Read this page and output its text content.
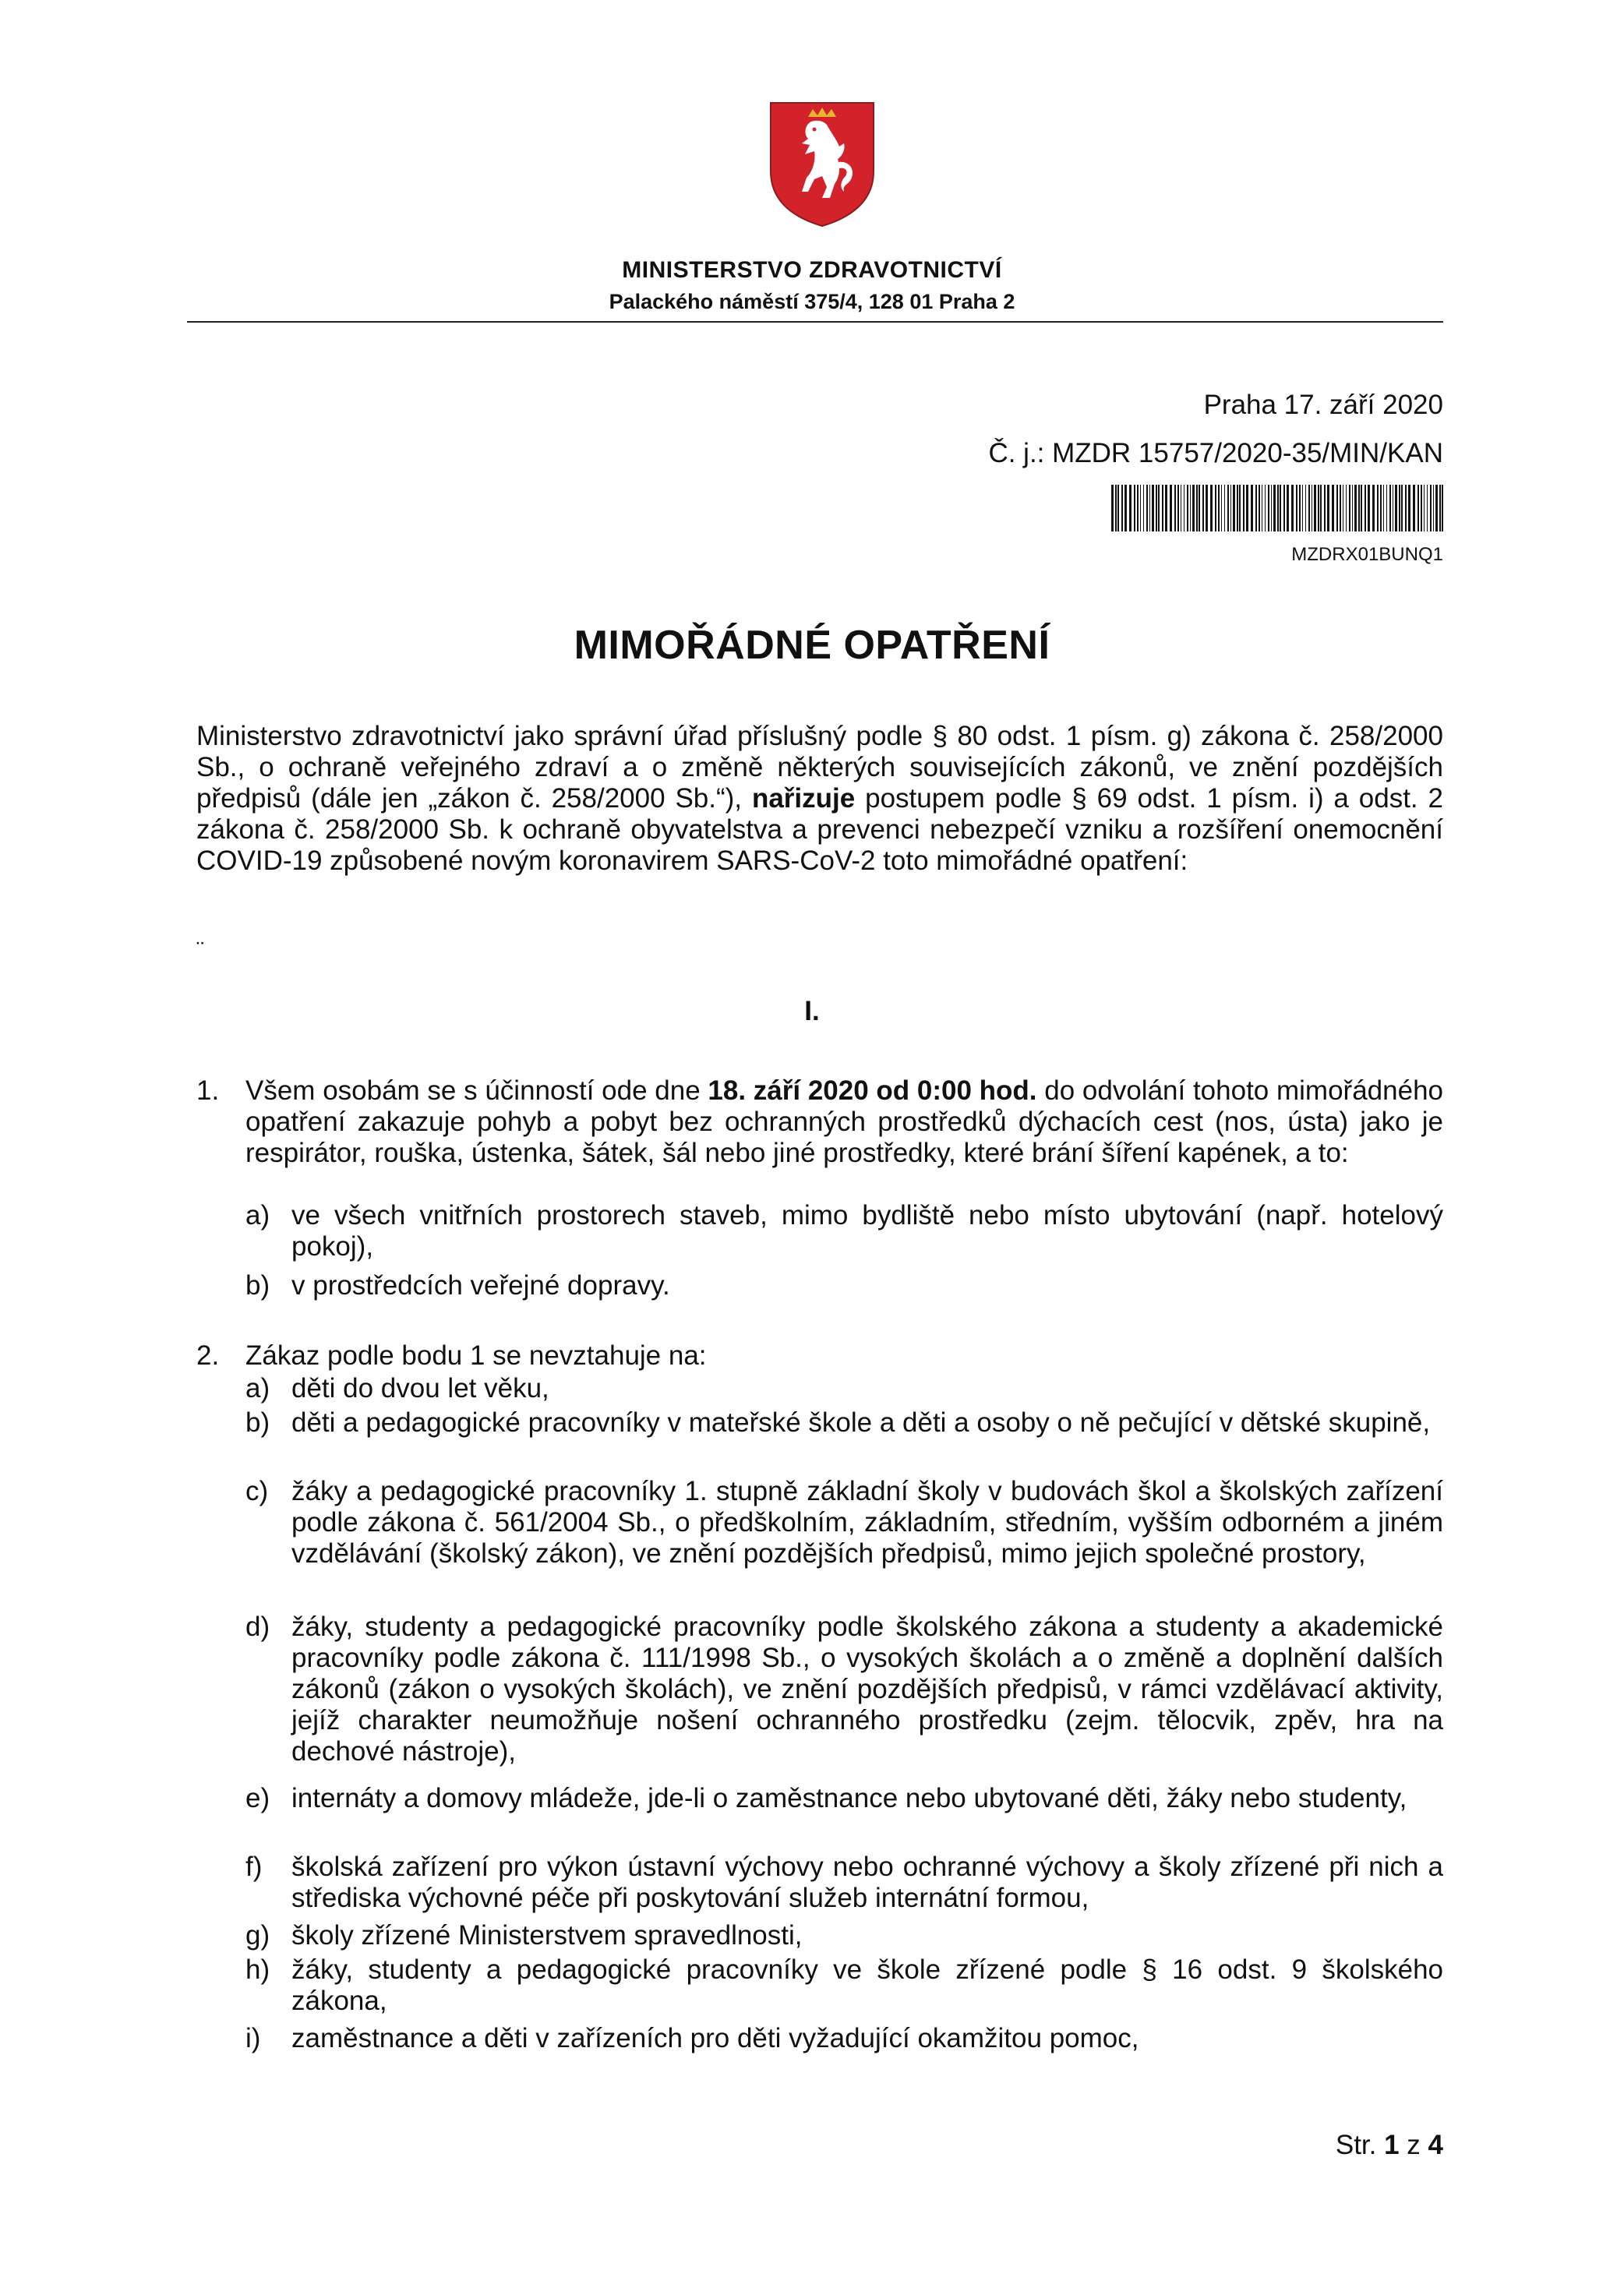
MINISTERSTVO ZDRAVOTNICTVÍ
Palackého náměstí 375/4, 128 01 Praha 2
Praha 17. září 2020
Č. j.: MZDR 15757/2020-35/MIN/KAN
MZDRX01BUNQ1
MIMOŘÁDNÉ OPATŘENÍ

Ministerstvo zdravotnictví jako správní úřad příslušný podle § 80 odst. 1 písm. g) zákona č. 258/2000 Sb., o ochraně veřejného zdraví a o změně některých souvisejících zákonů, ve znění pozdějších předpisů (dále jen „zákon č. 258/2000 Sb.“), nařizuje postupem podle § 69 odst. 1 písm. i) a odst. 2 zákona č. 258/2000 Sb. k ochraně obyvatelstva a prevenci nebezpečí vzniku a rozšíření onemocnění COVID-19 způsobené novým koronavirem SARS-CoV-2 toto mimořádné opatření:

¨
I.
1. Všem osobám se s účinností ode dne 18. září 2020 od 0:00 hod. do odvolání tohoto mimořádného opatření zakazuje pohyb a pobyt bez ochranných prostředků dýchacích cest (nos, ústa) jako je respirátor, rouška, ústenka, šátek, šál nebo jiné prostředky, které brání šíření kapének, a to:

a) ve všech vnitřních prostorech staveb, mimo bydliště nebo místo ubytování (např. hotelový pokoj),

b) v prostředcích veřejné dopravy.

2. Zákaz podle bodu 1 se nevztahuje na:

a) děti do dvou let věku,

b) děti a pedagogické pracovníky v mateřské škole a děti a osoby o ně pečující v dětské skupině,

c) žáky a pedagogické pracovníky 1. stupně základní školy v budovách škol a školských zařízení podle zákona č. 561/2004 Sb., o předškolním, základním, středním, vyšším odborném a jiném vzdělávání (školský zákon), ve znění pozdějších předpisů, mimo jejich společné prostory,

d) žáky, studenty a pedagogické pracovníky podle školského zákona a studenty a akademické pracovníky podle zákona č. 111/1998 Sb., o vysokých školách a o změně a doplnění dalších zákonů (zákon o vysokých školách), ve znění pozdějších předpisů, v rámci vzdělávací aktivity, jejíž charakter neumožňuje nošení ochranného prostředku (zejm. tělocvik, zpěv, hra na dechové nástroje),

e) internáty a domovy mládeže, jde-li o zaměstnance nebo ubytované děti, žáky nebo studenty,

f) školská zařízení pro výkon ústavní výchovy nebo ochranné výchovy a školy zřízené při nich a střediska výchovné péče při poskytování služeb internátní formou,

g) školy zřízené Ministerstvem spravedlnosti,

h) žáky, studenty a pedagogické pracovníky ve škole zřízené podle § 16 odst. 9 školského zákona,

i) zaměstnance a děti v zařízeních pro děti vyžadující okamžitou pomoc,

Str. 1 z 4
